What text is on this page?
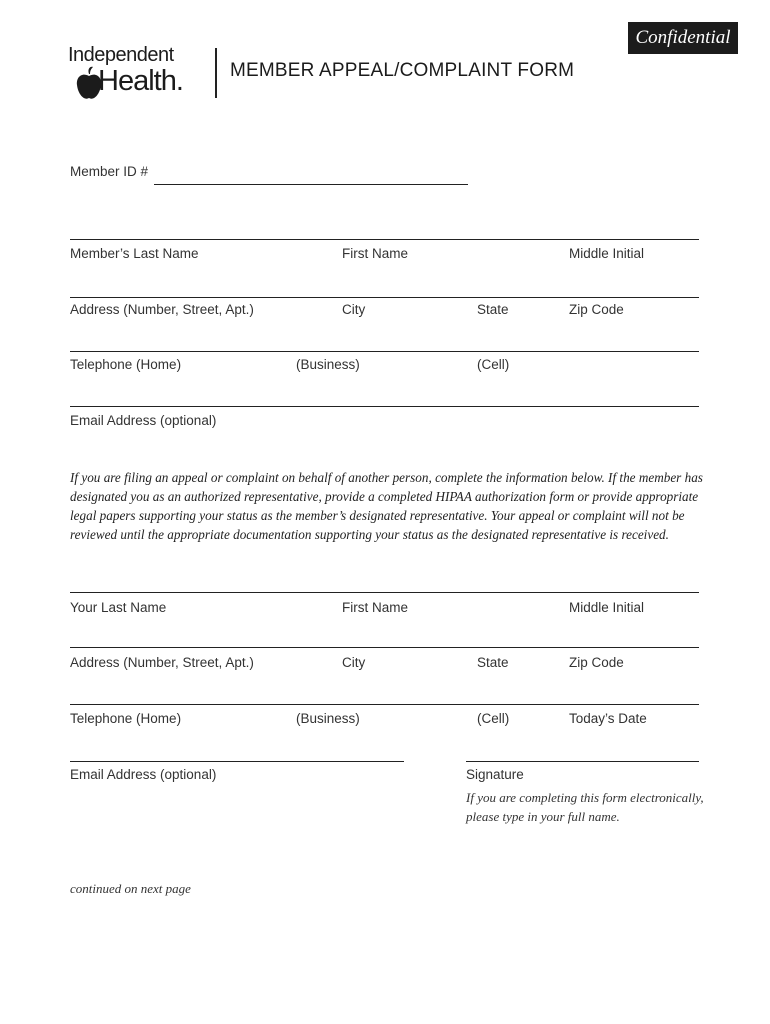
Confidential
Independent
Health. MEMBER APPEAL/COMPLAINT FORM
Member ID #
Member’s Last Name	First Name	Middle Initial
Address (Number, Street, Apt.)	City	State	Zip Code
Telephone (Home)	(Business)	(Cell)
Email Address (optional)
If you are filing an appeal or complaint on behalf of another person, complete the information below. If the member has designated you as an authorized representative, provide a completed HIPAA authorization form or provide appropriate legal papers supporting your status as the member’s designated representative. Your appeal or complaint will not be reviewed until the appropriate documentation supporting your status as the designated representative is received.
Your Last Name	First Name	Middle Initial
Address (Number, Street, Apt.)	City	State	Zip Code
Telephone (Home)	(Business)	(Cell)	Today’s Date
Email Address (optional)	Signature
If you are completing this form electronically, please type in your full name.
continued on next page
